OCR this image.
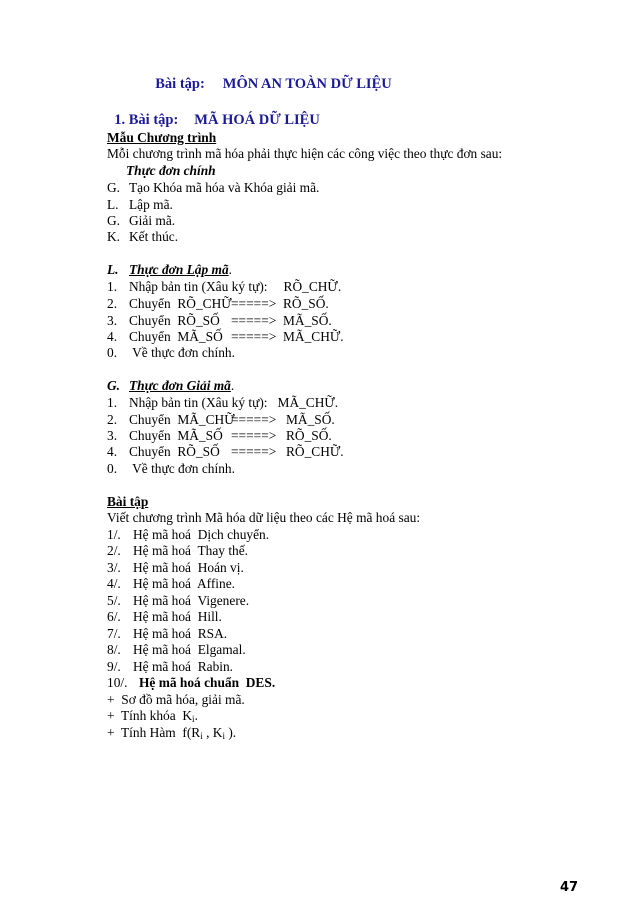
Bài tập: MÔN AN TOÀN DỮ LIỆU

1. Bài tập: MÃ HOÁ DỮ LIỆU

Mẫu Chương trình
Mỗi chương trình mã hóa phải thực hiện các công việc theo thực đơn sau:
Thực đơn chính
G. Tạo Khóa mã hóa và Khóa giải mã.
L. Lập mã.
G. Giải mã.
K. Kết thúc.
L. Thực đơn Lập mã.
1. Nhập bản tin (Xâu ký tự): RÕ_CHỮ.
2. Chuyển  RÕ_CHỮ=====> RÕ_SỐ.
3. Chuyển  RÕ_SỐ =====> MÃ_SỐ.
4. Chuyển  MÃ_SỐ =====> MÃ_CHỮ.
0. Về thực đơn chính.
G. Thực đơn Giải mã.
1. Nhập bản tin (Xâu ký tự): MÃ_CHỮ.
2. Chuyển  MÃ_CHỮ=====> MÃ_SỐ.
3. Chuyển  MÃ_SỐ =====> RÕ_SỐ.
4. Chuyển  RÕ_SỐ =====> RÕ_CHỮ.
0. Về thực đơn chính.
Bài tập
Viết chương trình Mã hóa dữ liệu theo các Hệ mã hoá sau:
1/. Hệ mã hoá  Dịch chuyển.
2/. Hệ mã hoá  Thay thế.
3/. Hệ mã hoá  Hoán vị.
4/. Hệ mã hoá  Affine.
5/. Hệ mã hoá  Vigenere.
6/. Hệ mã hoá  Hill.
7/. Hệ mã hoá  RSA.
8/. Hệ mã hoá  Elgamal.
9/. Hệ mã hoá  Rabin.
10/. Hệ mã hoá chuẩn  DES.
+  Sơ đồ mã hóa, giải mã.
+  Tính khóa  $K_i$.
+  Tính Hàm  $f(R_i$ , $K_i$ ).
47
